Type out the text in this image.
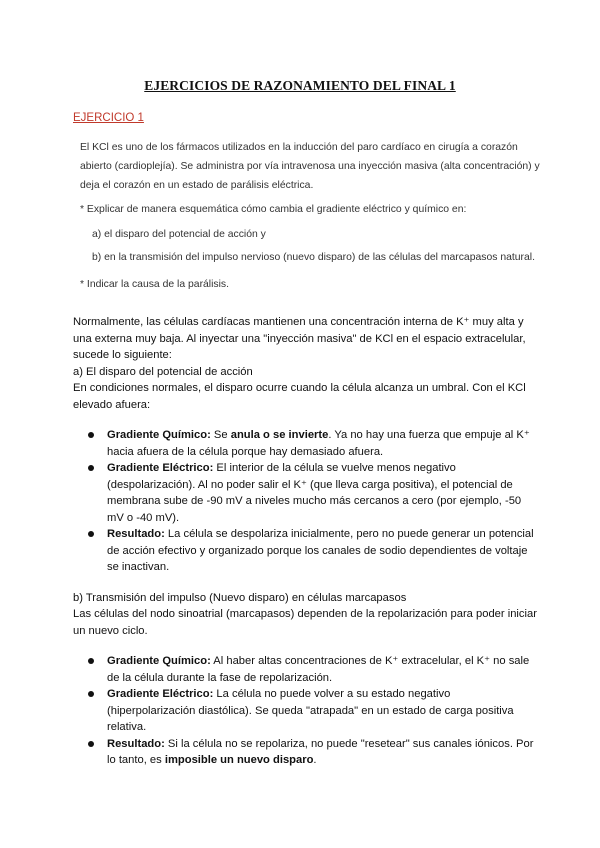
EJERCICIOS DE RAZONAMIENTO DEL FINAL 1
EJERCICIO 1

El KCl es uno de los fármacos utilizados en la inducción del paro cardíaco en cirugía a corazón abierto (cardioplejía). Se administra por vía intravenosa una inyección masiva (alta concentración) y deja el corazón en un estado de parálisis eléctrica.

* Explicar de manera esquemática cómo cambia el gradiente eléctrico y químico en:

a) el disparo del potencial de acción y

b) en la transmisión del impulso nervioso (nuevo disparo) de las células del marcapasos natural.

* Indicar la causa de la parálisis.

Normalmente, las células cardíacas mantienen una concentración interna de K⁺ muy alta y una externa muy baja. Al inyectar una "inyección masiva" de KCl en el espacio extracelular, sucede lo siguiente:

a) El disparo del potencial de acción

En condiciones normales, el disparo ocurre cuando la célula alcanza un umbral. Con el KCl elevado afuera:

Gradiente Químico: Se anula o se invierte. Ya no hay una fuerza que empuje al K⁺ hacia afuera de la célula porque hay demasiado afuera.
Gradiente Eléctrico: El interior de la célula se vuelve menos negativo (despolarización). Al no poder salir el K⁺ (que lleva carga positiva), el potencial de membrana sube de -90 mV a niveles mucho más cercanos a cero (por ejemplo, -50 mV o -40 mV).
Resultado: La célula se despolariza inicialmente, pero no puede generar un potencial de acción efectivo y organizado porque los canales de sodio dependientes de voltaje se inactivan.

b) Transmisión del impulso (Nuevo disparo) en células marcapasos

Las células del nodo sinoatrial (marcapasos) dependen de la repolarización para poder iniciar un nuevo ciclo.

Gradiente Químico: Al haber altas concentraciones de K⁺ extracelular, el K⁺ no sale de la célula durante la fase de repolarización.
Gradiente Eléctrico: La célula no puede volver a su estado negativo (hiperpolarización diastólica). Se queda "atrapada" en un estado de carga positiva relativa.
Resultado: Si la célula no se repolariza, no puede "resetear" sus canales iónicos. Por lo tanto, es imposible un nuevo disparo.
